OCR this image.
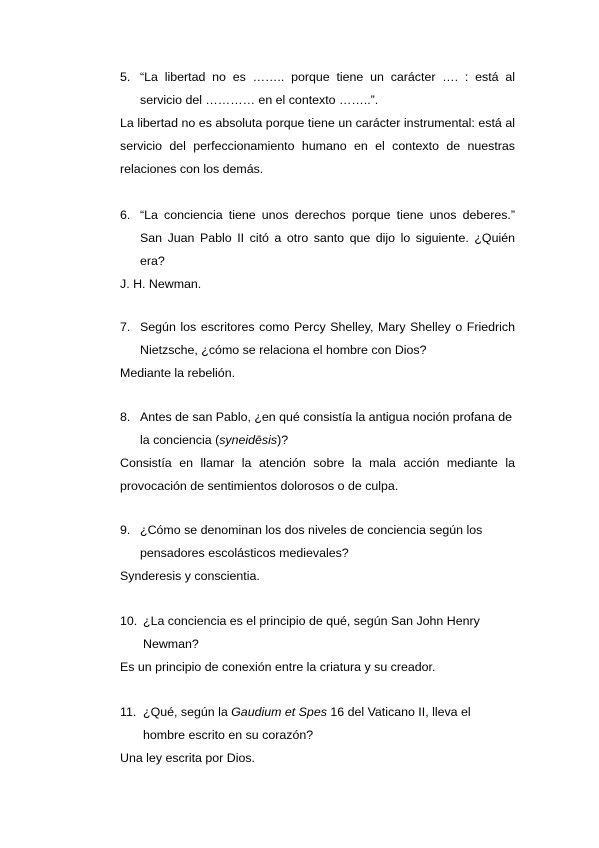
5. “La libertad no es …….. porque tiene un carácter …. : está al servicio del ………… en el contexto ……..”.
La libertad no es absoluta porque tiene un carácter instrumental: está al servicio del perfeccionamiento humano en el contexto de nuestras relaciones con los demás.
6. “La conciencia tiene unos derechos porque tiene unos deberes.” San Juan Pablo II citó a otro santo que dijo lo siguiente. ¿Quién era?
J. H. Newman.
7. Según los escritores como Percy Shelley, Mary Shelley o Friedrich Nietzsche, ¿cómo se relaciona el hombre con Dios?
Mediante la rebelión.
8. Antes de san Pablo, ¿en qué consistía la antigua noción profana de la conciencia (syneidēsis)?
Consistía en llamar la atención sobre la mala acción mediante la provocación de sentimientos dolorosos o de culpa.
9. ¿Cómo se denominan los dos niveles de conciencia según los pensadores escolásticos medievales?
Synderesis y conscientia.
10. ¿La conciencia es el principio de qué, según San John Henry Newman?
Es un principio de conexión entre la criatura y su creador.
11. ¿Qué, según la Gaudium et Spes 16 del Vaticano II, lleva el hombre escrito en su corazón?
Una ley escrita por Dios.
